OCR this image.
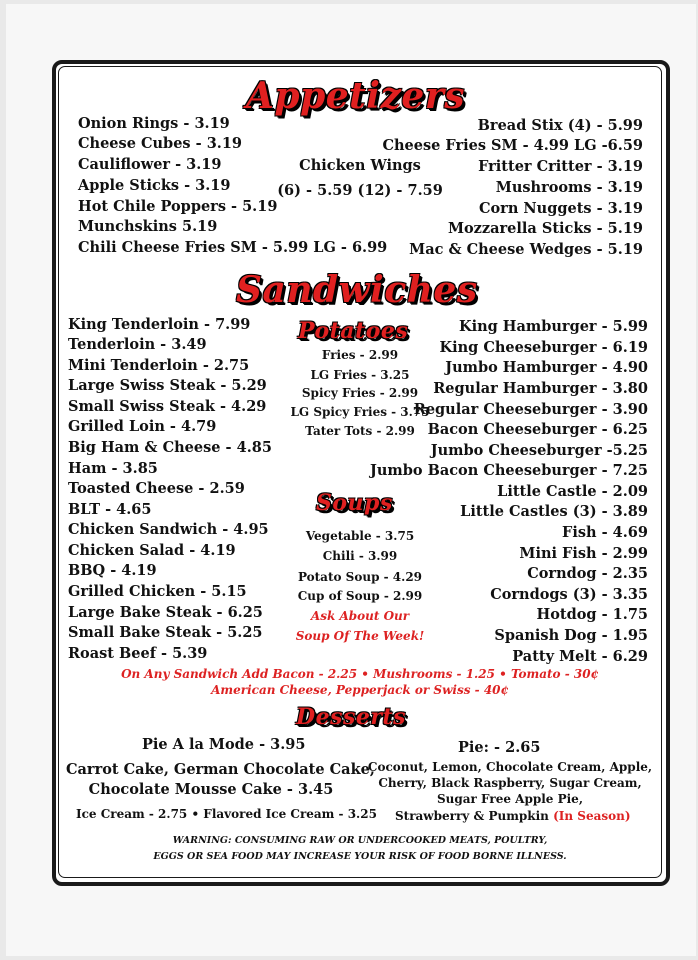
Appetizers
Onion Rings - 3.19
Cheese Cubes - 3.19
Cauliflower - 3.19
Apple Sticks - 3.19
Hot Chile Poppers - 5.19
Munchskins 5.19
Chili Cheese Fries SM - 5.99 LG - 6.99
Chicken Wings
(6) - 5.59 (12) - 7.59
Bread Stix (4) - 5.99
Cheese Fries SM - 4.99 LG -6.59
Fritter Critter - 3.19
Mushrooms - 3.19
Corn Nuggets - 3.19
Mozzarella Sticks - 5.19
Mac & Cheese Wedges - 5.19
Sandwiches
King Tenderloin - 7.99
Tenderloin - 3.49
Mini Tenderloin - 2.75
Large Swiss Steak - 5.29
Small Swiss Steak - 4.29
Grilled Loin - 4.79
Big Ham & Cheese - 4.85
Ham - 3.85
Toasted Cheese - 2.59
BLT - 4.65
Chicken Sandwich - 4.95
Chicken Salad - 4.19
BBQ - 4.19
Grilled Chicken - 5.15
Large Bake Steak - 6.25
Small Bake Steak - 5.25
Roast Beef - 5.39
Potatoes
Fries - 2.99
LG Fries - 3.25
Spicy Fries - 2.99
LG Spicy Fries - 3.75
Tater Tots - 2.99
Soups
Vegetable - 3.75
Chili - 3.99
Potato Soup - 4.29
Cup of Soup - 2.99
Ask About Our
Soup Of The Week!
King Hamburger - 5.99
King Cheeseburger - 6.19
Jumbo Hamburger - 4.90
Regular Hamburger - 3.80
Regular Cheeseburger - 3.90
Bacon Cheeseburger - 6.25
Jumbo Cheeseburger -5.25
Jumbo Bacon Cheeseburger - 7.25
Little Castle - 2.09
Little Castles (3) - 3.89
Fish - 4.69
Mini Fish - 2.99
Corndog - 2.35
Corndogs (3) - 3.35
Hotdog - 1.75
Spanish Dog - 1.95
Patty Melt - 6.29
On Any Sandwich Add Bacon - 2.25 • Mushrooms - 1.25 • Tomato - 30¢
American Cheese, Pepperjack or Swiss - 40¢
Desserts
Pie A la Mode - 3.95
Carrot Cake, German Chocolate Cake,
Chocolate Mousse Cake - 3.45
Ice Cream - 2.75 • Flavored Ice Cream - 3.25
Pie: - 2.65
Coconut, Lemon, Chocolate Cream, Apple,
Cherry, Black Raspberry, Sugar Cream,
Sugar Free Apple Pie,
Strawberry & Pumpkin (In Season)
WARNING: CONSUMING RAW OR UNDERCOOKED MEATS, POULTRY,
EGGS OR SEA FOOD MAY INCREASE YOUR RISK OF FOOD BORNE ILLNESS.
